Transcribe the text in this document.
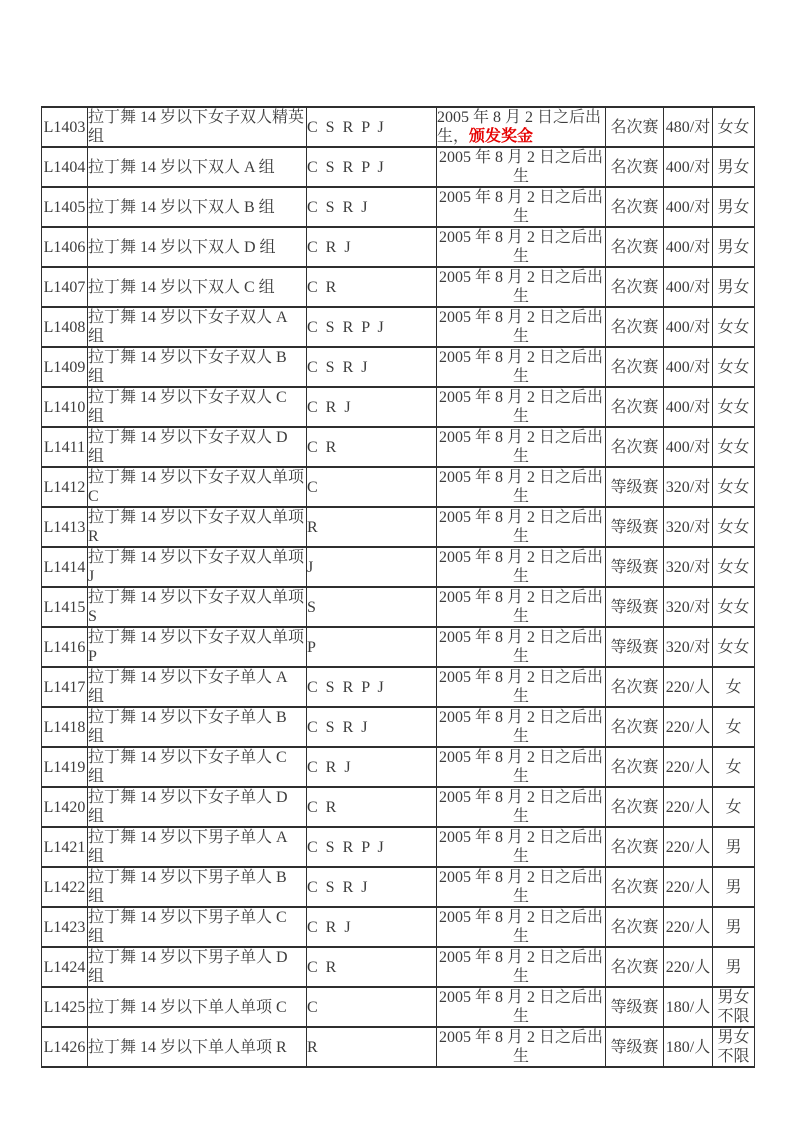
L1403	拉丁舞 14 岁以下女子双人精英组	C S R P J	2005 年 8 月 2 日之后出生，颁发奖金	名次赛	480/对	女女
L1404	拉丁舞 14 岁以下双人 A 组	C S R P J	2005 年 8 月 2 日之后出生	名次赛	400/对	男女
L1405	拉丁舞 14 岁以下双人 B 组	C S R J	2005 年 8 月 2 日之后出生	名次赛	400/对	男女
L1406	拉丁舞 14 岁以下双人 D 组	C R J	2005 年 8 月 2 日之后出生	名次赛	400/对	男女
L1407	拉丁舞 14 岁以下双人 C 组	C R	2005 年 8 月 2 日之后出生	名次赛	400/对	男女
L1408	拉丁舞 14 岁以下女子双人 A 组	C S R P J	2005 年 8 月 2 日之后出生	名次赛	400/对	女女
L1409	拉丁舞 14 岁以下女子双人 B 组	C S R J	2005 年 8 月 2 日之后出生	名次赛	400/对	女女
L1410	拉丁舞 14 岁以下女子双人 C 组	C R J	2005 年 8 月 2 日之后出生	名次赛	400/对	女女
L1411	拉丁舞 14 岁以下女子双人 D 组	C R	2005 年 8 月 2 日之后出生	名次赛	400/对	女女
L1412	拉丁舞 14 岁以下女子双人单项 C	C	2005 年 8 月 2 日之后出生	等级赛	320/对	女女
L1413	拉丁舞 14 岁以下女子双人单项 R	R	2005 年 8 月 2 日之后出生	等级赛	320/对	女女
L1414	拉丁舞 14 岁以下女子双人单项 J	J	2005 年 8 月 2 日之后出生	等级赛	320/对	女女
L1415	拉丁舞 14 岁以下女子双人单项 S	S	2005 年 8 月 2 日之后出生	等级赛	320/对	女女
L1416	拉丁舞 14 岁以下女子双人单项 P	P	2005 年 8 月 2 日之后出生	等级赛	320/对	女女
L1417	拉丁舞 14 岁以下女子单人 A 组	C S R P J	2005 年 8 月 2 日之后出生	名次赛	220/人	女
L1418	拉丁舞 14 岁以下女子单人 B 组	C S R J	2005 年 8 月 2 日之后出生	名次赛	220/人	女
L1419	拉丁舞 14 岁以下女子单人 C 组	C R J	2005 年 8 月 2 日之后出生	名次赛	220/人	女
L1420	拉丁舞 14 岁以下女子单人 D 组	C R	2005 年 8 月 2 日之后出生	名次赛	220/人	女
L1421	拉丁舞 14 岁以下男子单人 A 组	C S R P J	2005 年 8 月 2 日之后出生	名次赛	220/人	男
L1422	拉丁舞 14 岁以下男子单人 B 组	C S R J	2005 年 8 月 2 日之后出生	名次赛	220/人	男
L1423	拉丁舞 14 岁以下男子单人 C 组	C R J	2005 年 8 月 2 日之后出生	名次赛	220/人	男
L1424	拉丁舞 14 岁以下男子单人 D 组	C R	2005 年 8 月 2 日之后出生	名次赛	220/人	男
L1425	拉丁舞 14 岁以下单人单项 C	C	2005 年 8 月 2 日之后出生	等级赛	180/人	男女不限
L1426	拉丁舞 14 岁以下单人单项 R	R	2005 年 8 月 2 日之后出生	等级赛	180/人	男女不限
